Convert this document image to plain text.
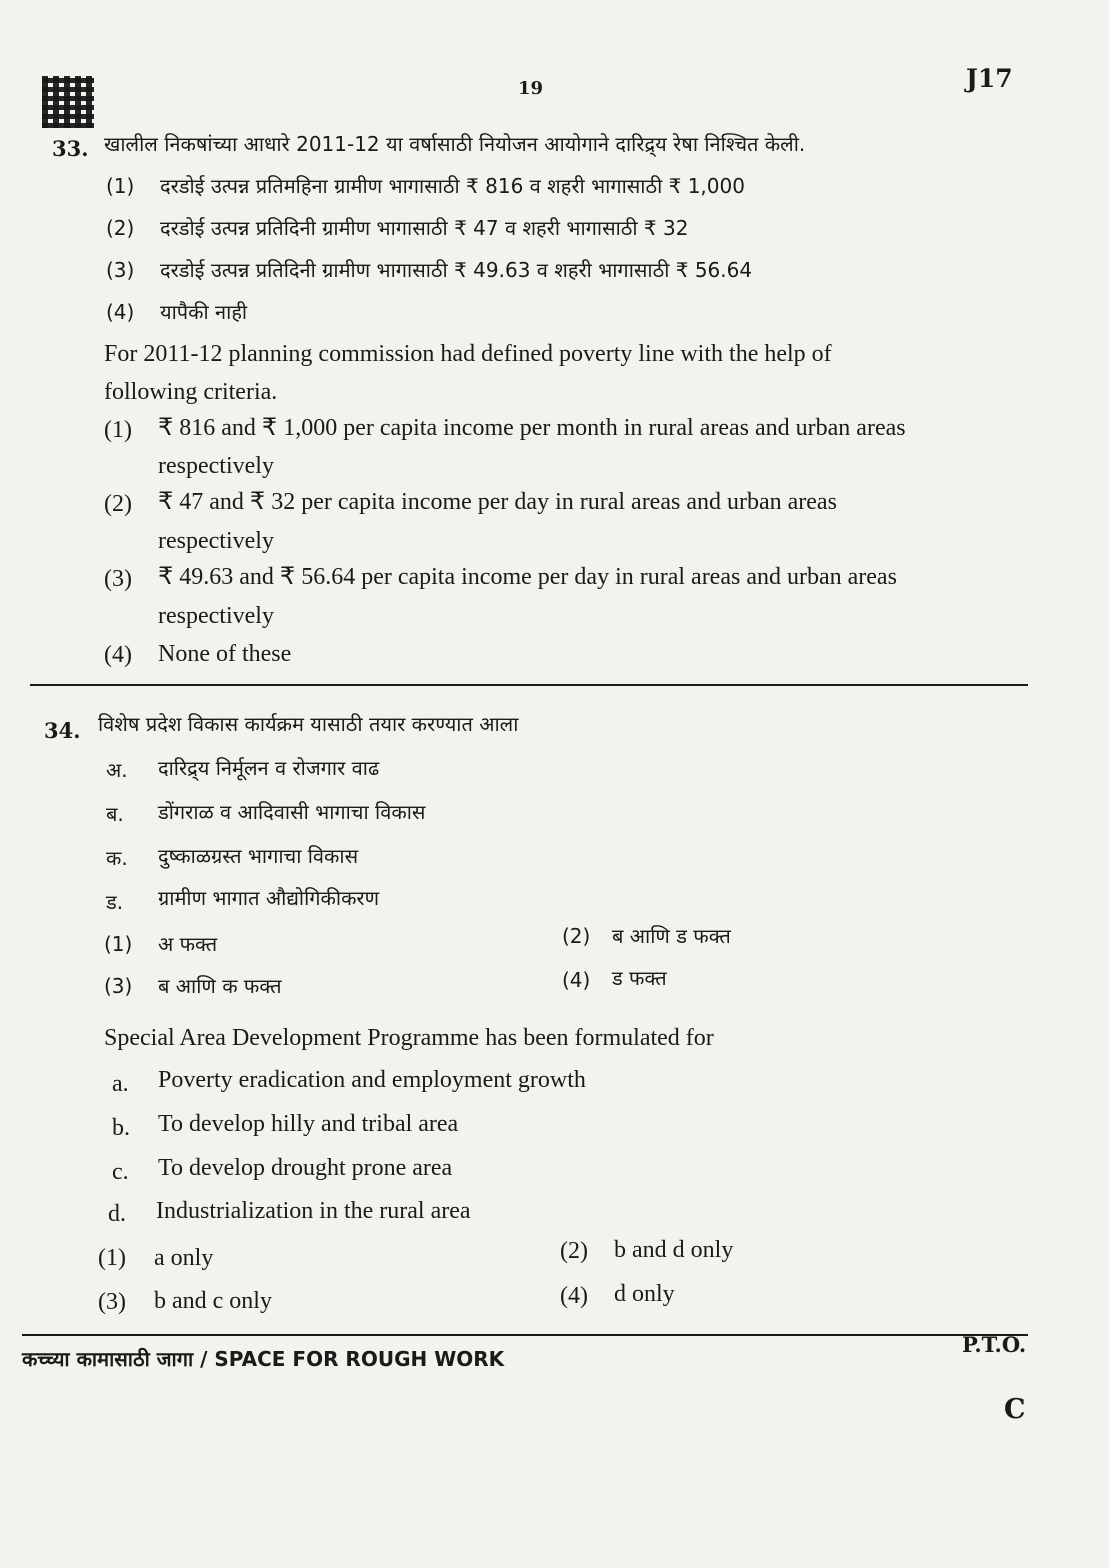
19	J17
33. खालील निकषांच्या आधारे 2011-12 या वर्षासाठी नियोजन आयोगाने दारिद्र्य रेषा निश्चित केली.
(1) दरडोई उत्पन्न प्रतिमहिना ग्रामीण भागासाठी ₹ 816 व शहरी भागासाठी ₹ 1,000
(2) दरडोई उत्पन्न प्रतिदिनी ग्रामीण भागासाठी ₹ 47 व शहरी भागासाठी ₹ 32
(3) दरडोई उत्पन्न प्रतिदिनी ग्रामीण भागासाठी ₹ 49.63 व शहरी भागासाठी ₹ 56.64
(4) यापैकी नाही
For 2011-12 planning commission had defined poverty line with the help of
following criteria.
(1) ₹ 816 and ₹ 1,000 per capita income per month in rural areas and urban areas
respectively
(2) ₹ 47 and ₹ 32 per capita income per day in rural areas and urban areas
respectively
(3) ₹ 49.63 and ₹ 56.64 per capita income per day in rural areas and urban areas
respectively
(4) None of these
34. विशेष प्रदेश विकास कार्यक्रम यासाठी तयार करण्यात आला
अ. दारिद्र्य निर्मूलन व रोजगार वाढ
ब. डोंगराळ व आदिवासी भागाचा विकास
क. दुष्काळग्रस्त भागाचा विकास
ड. ग्रामीण भागात औद्योगिकीकरण
(1) अ फक्त	(2) ब आणि ड फक्त
(3) ब आणि क फक्त	(4) ड फक्त
Special Area Development Programme has been formulated for
a. Poverty eradication and employment growth
b. To develop hilly and tribal area
c. To develop drought prone area
d. Industrialization in the rural area
(1) a only	(2) b and d only
(3) b and c only	(4) d only
कच्च्या कामासाठी जागा / SPACE FOR ROUGH WORK
P.T.O.
C
